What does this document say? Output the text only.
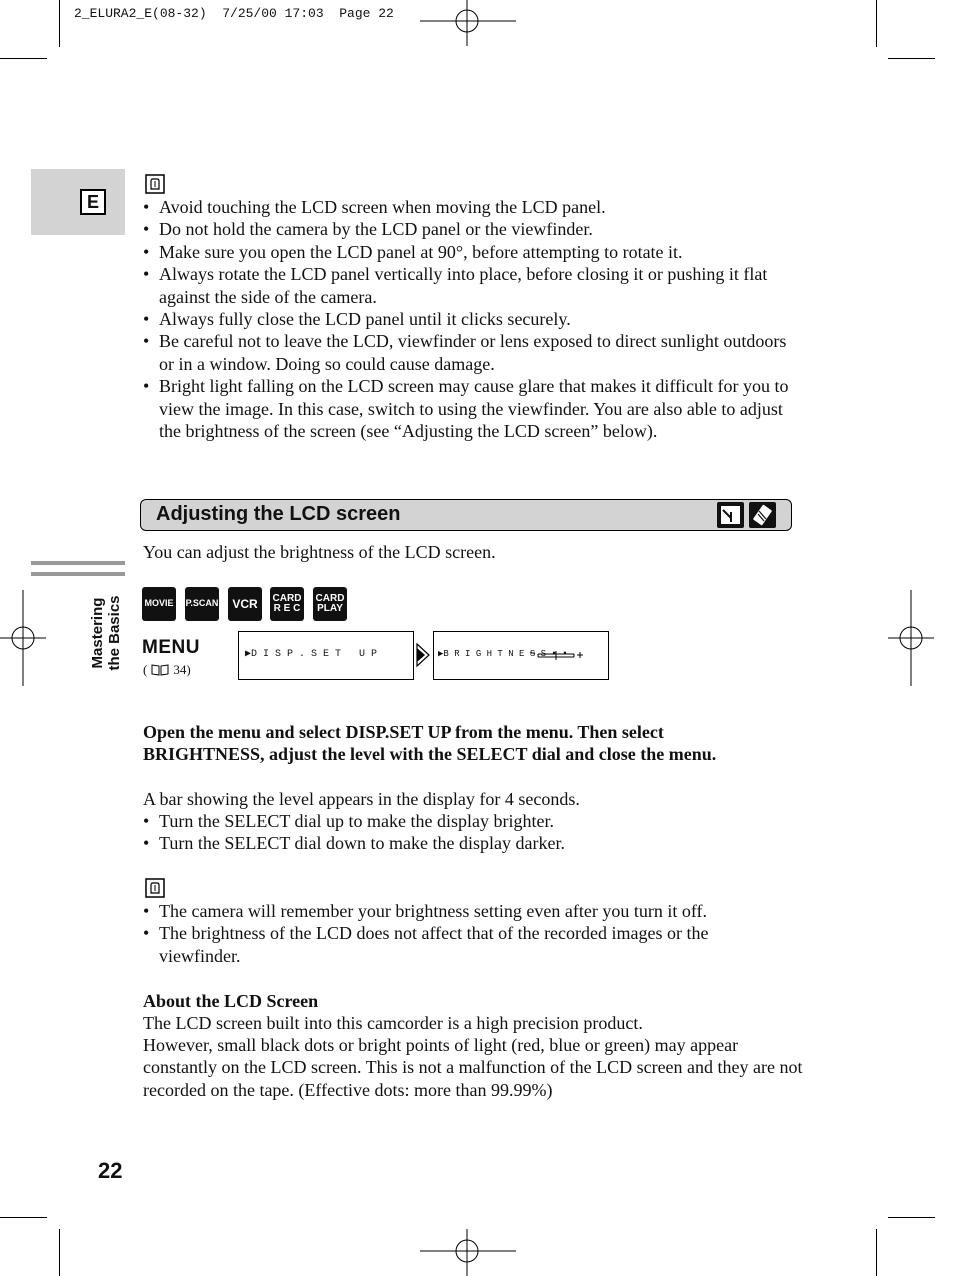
2_ELURA2_E(08-32)  7/25/00 17:03  Page 22
E
Mastering the Basics
• Avoid touching the LCD screen when moving the LCD panel.
• Do not hold the camera by the LCD panel or the viewfinder.
• Make sure you open the LCD panel at 90°, before attempting to rotate it.
• Always rotate the LCD panel vertically into place, before closing it or pushing it flat against the side of the camera.
• Always fully close the LCD panel until it clicks securely.
• Be careful not to leave the LCD, viewfinder or lens exposed to direct sunlight outdoors or in a window. Doing so could cause damage.
• Bright light falling on the LCD screen may cause glare that makes it difficult for you to view the image. In this case, switch to using the viewfinder. You are also able to adjust the brightness of the screen (see “Adjusting the LCD screen” below).
Adjusting the LCD screen
You can adjust the brightness of the LCD screen.
MOVIE P.SCAN VCR CARD
R E C
CARD
PLAY
MENU
( 34)
▶D I S P . S E T   U P	▶B R I G H T N E S S • •
Open the menu and select DISP.SET UP from the menu. Then select
BRIGHTNESS, adjust the level with the SELECT dial and close the menu.
A bar showing the level appears in the display for 4 seconds.
• Turn the SELECT dial up to make the display brighter.
• Turn the SELECT dial down to make the display darker.
• The camera will remember your brightness setting even after you turn it off.
• The brightness of the LCD does not affect that of the recorded images or the viewfinder.
About the LCD Screen
The LCD screen built into this camcorder is a high precision product.
However, small black dots or bright points of light (red, blue or green) may appear constantly on the LCD screen. This is not a malfunction of the LCD screen and they are not recorded on the tape. (Effective dots: more than 99.99%)
22
